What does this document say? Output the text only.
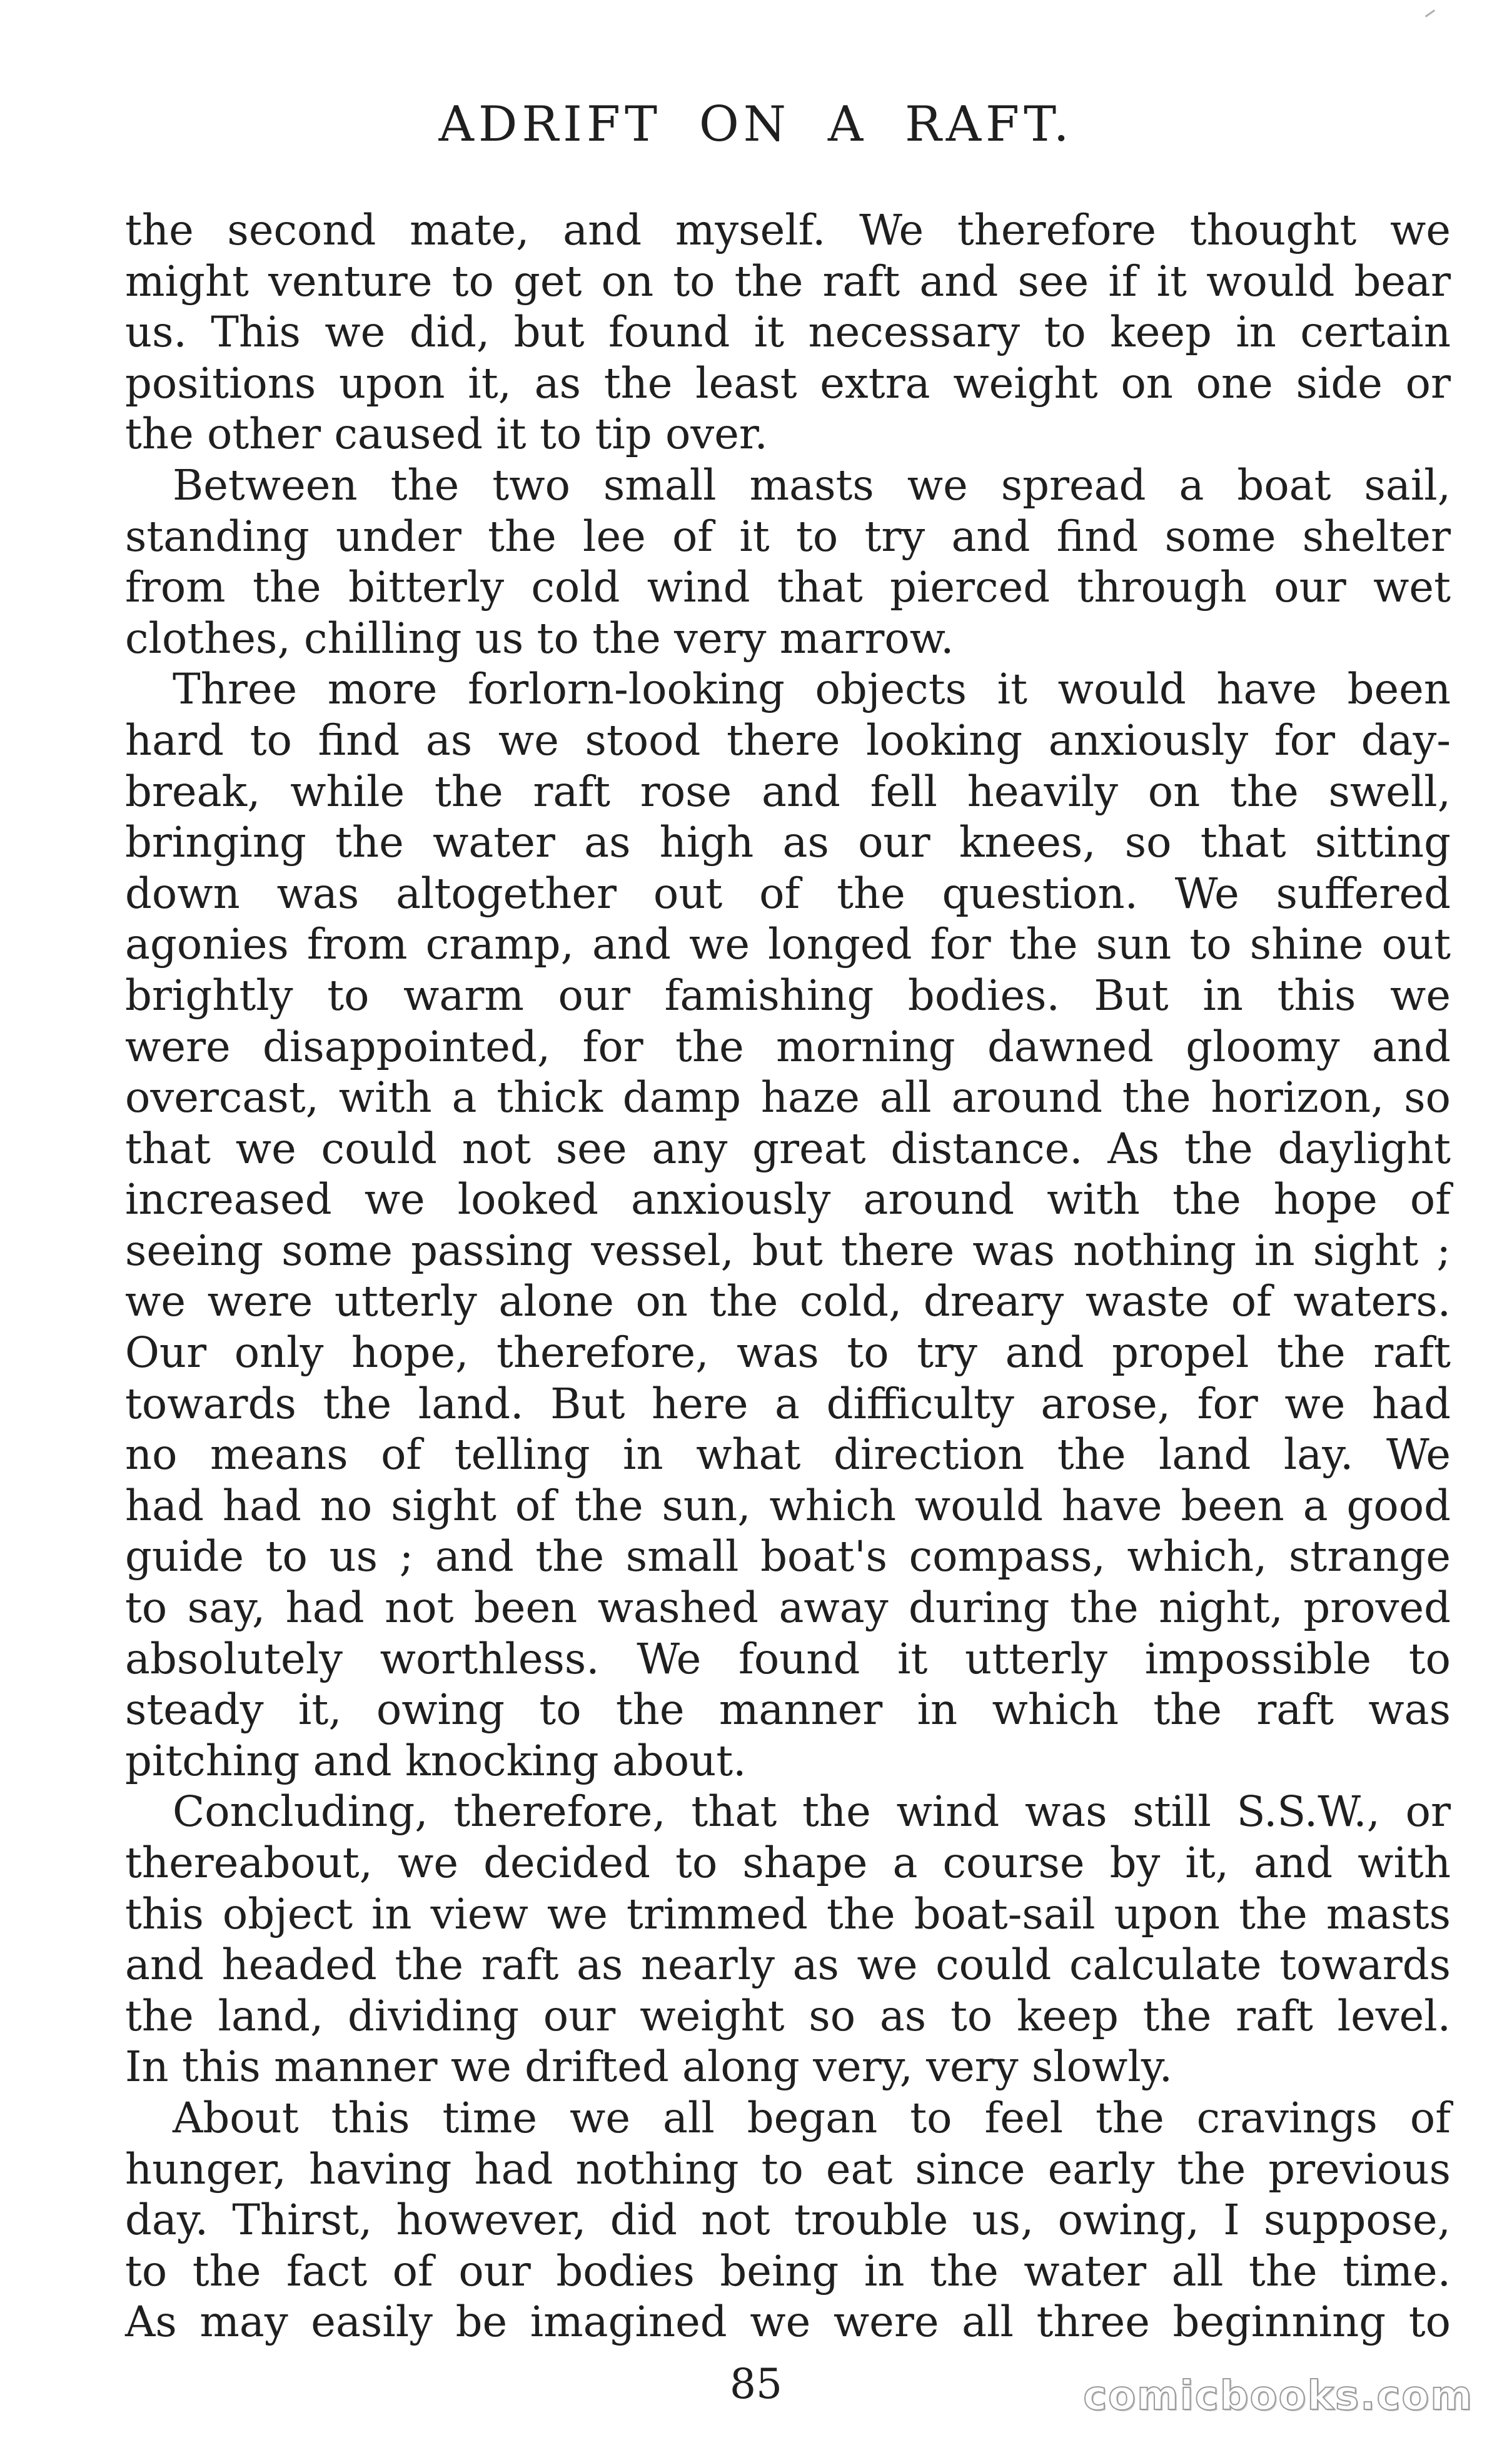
ADRIFT ON A RAFT.

the second mate, and myself. We therefore thought we
might venture to get on to the raft and see if it would bear
us. This we did, but found it necessary to keep in certain
positions upon it, as the least extra weight on one side or
the other caused it to tip over.

Between the two small masts we spread a boat sail,
standing under the lee of it to try and find some shelter
from the bitterly cold wind that pierced through our wet
clothes, chilling us to the very marrow.

Three more forlorn-looking objects it would have been
hard to find as we stood there looking anxiously for day-
break, while the raft rose and fell heavily on the swell,
bringing the water as high as our knees, so that sitting
down was altogether out of the question. We suffered
agonies from cramp, and we longed for the sun to shine out
brightly to warm our famishing bodies. But in this we
were disappointed, for the morning dawned gloomy and
overcast, with a thick damp haze all around the horizon, so
that we could not see any great distance. As the daylight
increased we looked anxiously around with the hope of
seeing some passing vessel, but there was nothing in sight ;
we were utterly alone on the cold, dreary waste of waters.
Our only hope, therefore, was to try and propel the raft
towards the land. But here a difficulty arose, for we had
no means of telling in what direction the land lay. We
had had no sight of the sun, which would have been a good
guide to us ; and the small boat's compass, which, strange
to say, had not been washed away during the night, proved
absolutely worthless. We found it utterly impossible to
steady it, owing to the manner in which the raft was
pitching and knocking about.

Concluding, therefore, that the wind was still S.S.W., or
thereabout, we decided to shape a course by it, and with
this object in view we trimmed the boat-sail upon the masts
and headed the raft as nearly as we could calculate towards
the land, dividing our weight so as to keep the raft level.
In this manner we drifted along very, very slowly.

About this time we all began to feel the cravings of
hunger, having had nothing to eat since early the previous
day. Thirst, however, did not trouble us, owing, I suppose,
to the fact of our bodies being in the water all the time.
As may easily be imagined we were all three beginning to

85	comicbooks.com
